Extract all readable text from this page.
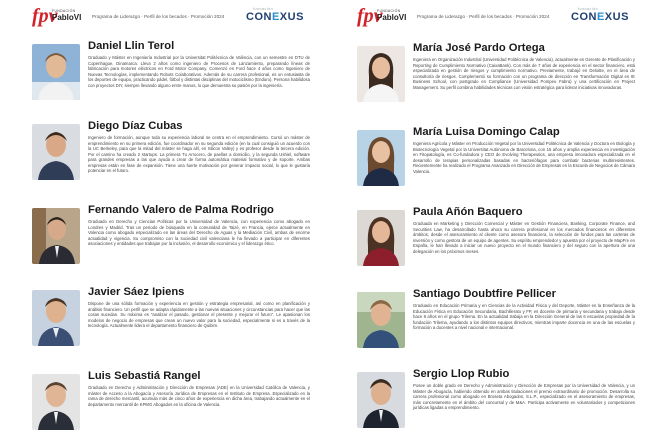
fpv
FUNDACIÓN
PabloVI Programa de Liderazgo · Perfil de los becados · Promoción 2024
fundación
CONEXUS
Daniel Llin Terol

Graduado y Máster en Ingeniería Industrial por la Universitat Politècnica de València, con un semestre en DTU de Copenhague, Dinamarca. Lleva 2 años como ingeniero de Procesos de Lanzamiento, preparando líneas de fabricación para motores eléctricos en Ford Motor Company. Comenzó en Ford hace 4 años como Ingeniero de Nuevas Tecnologías, implementando Robots Colaborativos. Además de su carrera profesional, es un entusiasta de los deportes de equipo, practicando pádel, fútbol y distintas disciplinas del motociclismo (Enduro). Persona habilidosa con proyectos DIY, siempre llevando alguno entre manos, lo que demuestra su pasión por la ingeniería.

Diego Díaz Cubas

Ingeniero de formación, aunque toda su experiencia laboral se centra en el emprendimiento. Cursó un máster de emprendimiento en su primera edición, fue coordinador en su segunda edición (en la cual consiguió un acuerdo con la UC Berkeley, para que la mitad del máster se haga allí, en Silicon Valley) y es profesor desde la tercera edición. Por el camino ha creado 2 startups. La primera Tu Arrocero, de paellas a domicilio, y la segunda Ushiel, software para grandes empresas a las que ayuda a crear de forma automática material formativo y de soporte. Ambas empresas están en fase de expansión. Tiene una fuerte motivación por generar impacto social, lo que le gustaría potenciar en el futuro.

Fernando Valero de Palma Rodrigo

Graduado en Derecho y Ciencias Políticas por la Universidad de Valencia, con experiencia como abogado en Londres y Madrid. Tras un periodo de búsqueda en la comunidad de Taizé, en Francia, ejerce actualmente en Valencia como abogado especializado en las áreas del Derecho de Aguas y la Mediación Civil, ambas de enorme actualidad y vigencia. Su compromiso con la sociedad civil valenciana le ha llevado a participar en diferentes asociaciones y entidades que trabajan por la inclusión, el desarrollo económico y el liderazgo ético.

Javier Sáez Ipiens

Dispone de una sólida formación y experiencia en gestión y estrategia empresarial, así como en planificación y análisis financiero. Un perfil que se adapta rápidamente a las nuevas situaciones y circunstancias para hacer que las cosas sucedan. Su máxima es "analizar el pasado, gestionar el presente y mejorar el futuro". Le apasionan los modelos de negocio de empresas que crean un nuevo valor para la sociedad, especialmente si es a través de la tecnología. Actualmente lidera el departamento financiero de Quibim.

Luis Sebastiá Rangel

Graduado en Derecho y Administración y Dirección de Empresas (ADE) en la Universidad Católica de Valencia, y máster de Acceso a la Abogacía y Asesoría Jurídica de Empresas en el Instituto de Empresa. Especializado en la rama de derecho mercantil, acumula más de cinco años de experiencia en dicha área, trabajando actualmente en el departamento mercantil de KPMG Abogados en la oficina de Valencia.

fpv
FUNDACIÓN
PabloVI Programa de Liderazgo · Perfil de los becados · Promoción 2024
fundación
CONEXUS
María José Pardo Ortega

Ingeniera en Organización Industrial (Universidad Politécnica de Valencia), actualmente es Gerente de Planificación y Reporting de Cumplimiento Normativo (CaixaBank). Con más de 7 años de experiencia en el sector financiero, está especializada en gestión de riesgos y cumplimiento normativo. Previamente, trabajó en Deloitte, en el área de consultoría de riesgos. Complementó su formación con un programa de dirección en Transformación Digital en IE Business School, con postgrado en Compliance (Universidad Pompeu Fabra) y una certificación en Project Management. Su perfil combina habilidades técnicas con visión estratégica para liderar iniciativas innovadoras.

María Luisa Domingo Calap

Ingeniera Agrícola y Máster en Producción Vegetal por la Universidad Politécnica de Valencia y Doctora en Biología y Biotecnología Vegetal por la Universitat Autònoma de Barcelona, con 15 años y amplia experiencia en investigación en Fitopatología, es Co-fundadora y CEO de Evolving Therapeutics, una empresa innovadora especializada en el desarrollo de terapias personalizadas basadas en bacteriófagos para combatir bacterias multirresistentes. Recientemente ha realizado el Programa Avanzado en Dirección de Empresas en la Escuela de Negocios de Cámara Valencia.

Paula Añón Baquero

Graduada en Marketing y Dirección Comercial y Máster en Gestión Financiera, Banking, Corporate Finance, and Securities Law, ha desarrollado hasta ahora su carrera profesional en los mercados financieros en diferentes ámbitos, desde el asesoramiento al cliente como asesora financiera, la selección de fondos para las carteras de inversión y como gestora de un equipo de agentes. Su espíritu emprendedor y apuesta por el proyecto de MapFre en España, le han llevado a iniciar un nuevo proyecto en el mundo financiero y del seguro con la apertura de una delegación en los próximos meses.

Santiago Doubtfire Pellicer

Graduado en Educación Primaria y en Ciencias de la Actividad Física y del Deporte, Máster en la Enseñanza de la Educación Física en Educación Secundaria, Bachillerato y FP, es docente de primaria y secundaria y trabaja desde hace 8 años en el grupo Trilema. En la actualidad trabaja en la Dirección General de las 6 escuelas propiedad de la fundación Trilema, ayudando a los distintos equipos directivos, mientras imparte docencia en una de las escuelas y formación a docentes a nivel nacional e internacional.

Sergio Llop Rubio

Posee un doble grado en Derecho y Administración y Dirección de Empresas por la Universidad de Valencia, y un Máster de Abogacía, habiendo obtenido en ambas titulaciones el premio extraordinario de promoción. Desarrolla su carrera profesional como abogado en Broseta Abogados, S.L.P., especializado en el asesoramiento de empresas, más concretamente en el ámbito del concursal y de M&A. Participa activamente en voluntariados y competiciones jurídicas ligadas a emprendimiento.
